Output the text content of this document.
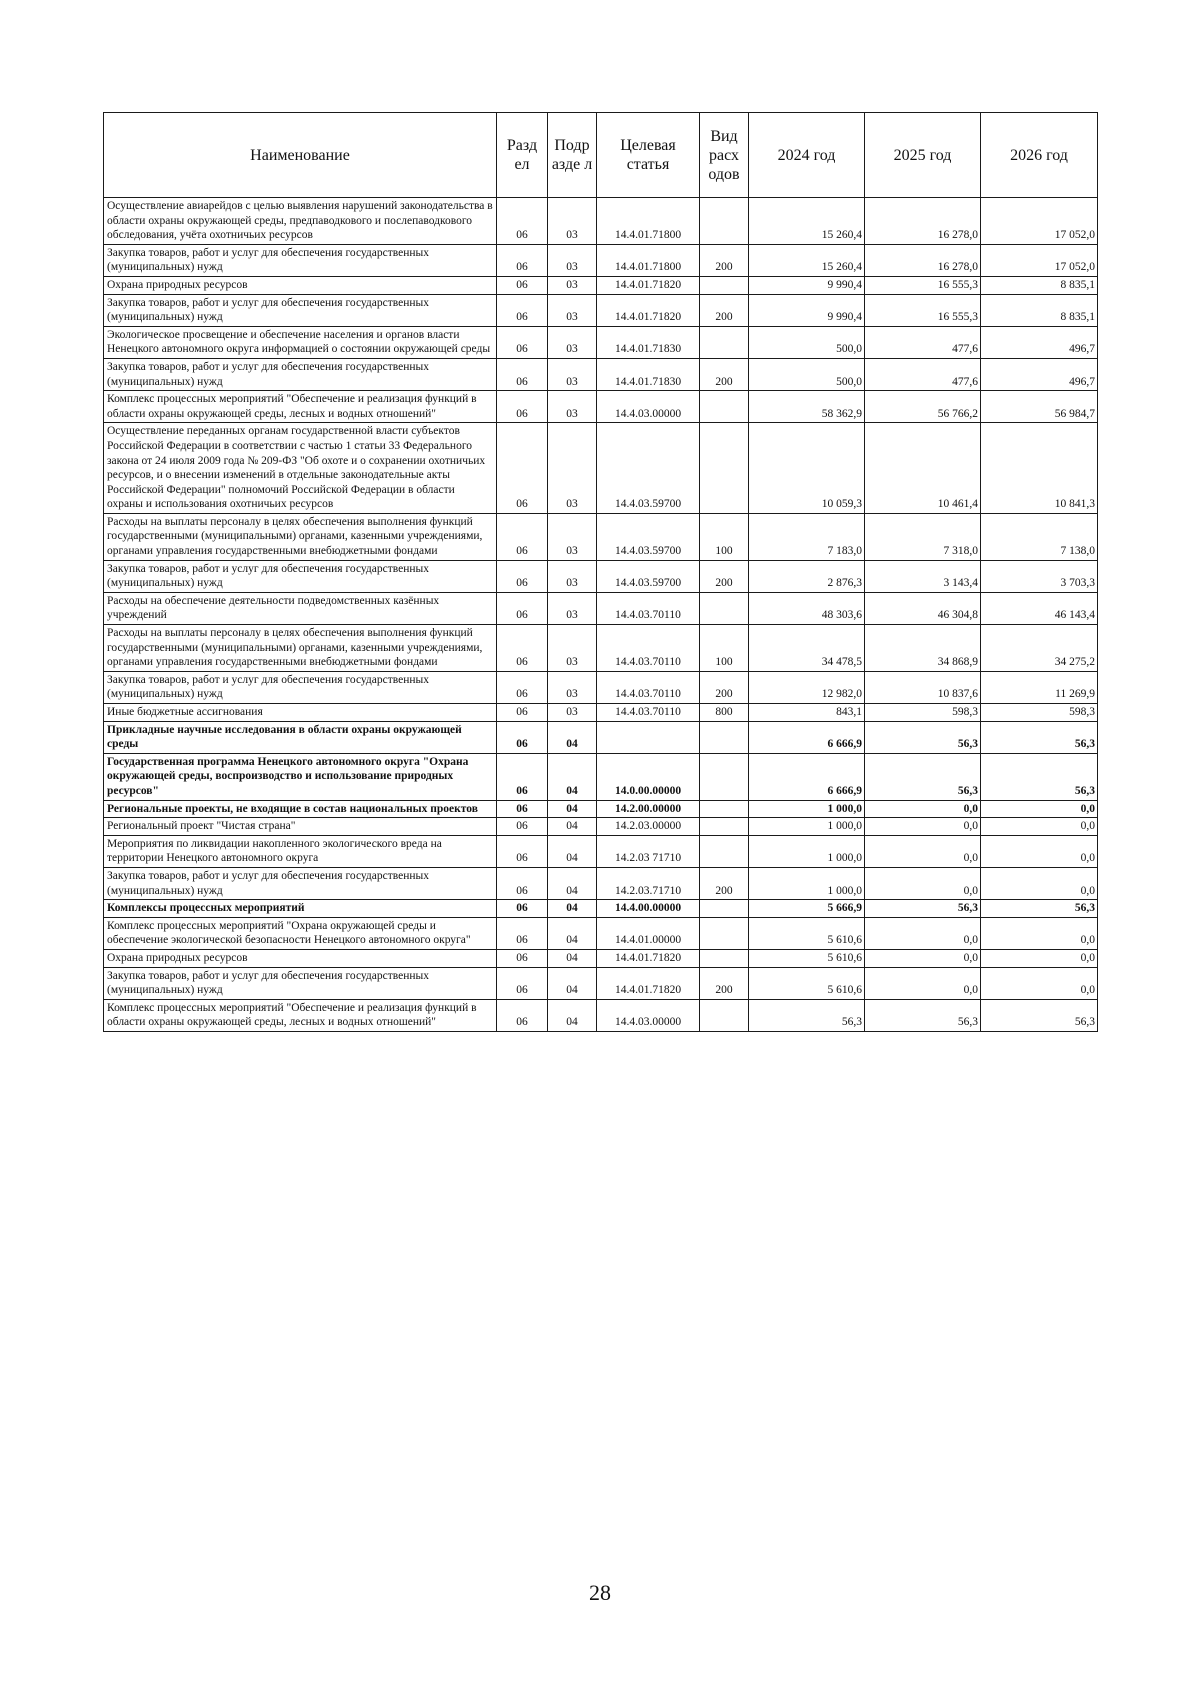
Наименование	Разд ел	Подр азде л	Целевая статья	Вид расх одов	2024 год	2025 год	2026 год
Осуществление авиарейдов с целью выявления нарушений законодательства в области охраны окружающей среды, предпаводкового и послепаводкового обследования, учёта охотничьих ресурсов	06	03	14.4.01.71800		15 260,4	16 278,0	17 052,0
Закупка товаров, работ и услуг для обеспечения государственных (муниципальных) нужд	06	03	14.4.01.71800	200	15 260,4	16 278,0	17 052,0
Охрана природных ресурсов	06	03	14.4.01.71820		9 990,4	16 555,3	8 835,1
Закупка товаров, работ и услуг для обеспечения государственных (муниципальных) нужд	06	03	14.4.01.71820	200	9 990,4	16 555,3	8 835,1
Экологическое просвещение и обеспечение населения и органов власти Ненецкого автономного округа информацией о состоянии окружающей среды	06	03	14.4.01.71830		500,0	477,6	496,7
Закупка товаров, работ и услуг для обеспечения государственных (муниципальных) нужд	06	03	14.4.01.71830	200	500,0	477,6	496,7
Комплекс процессных мероприятий "Обеспечение и реализация функций в области охраны окружающей среды, лесных и водных отношений"	06	03	14.4.03.00000		58 362,9	56 766,2	56 984,7
Осуществление переданных органам государственной власти субъектов Российской Федерации в соответствии с частью 1 статьи 33 Федерального закона от 24 июля 2009 года № 209-ФЗ "Об охоте и о сохранении охотничьих ресурсов, и о внесении изменений в отдельные законодательные акты Российской Федерации" полномочий Российской Федерации в области охраны и использования охотничьих ресурсов	06	03	14.4.03.59700		10 059,3	10 461,4	10 841,3
Расходы на выплаты персоналу в целях обеспечения выполнения функций государственными (муниципальными) органами, казенными учреждениями, органами управления государственными внебюджетными фондами	06	03	14.4.03.59700	100	7 183,0	7 318,0	7 138,0
Закупка товаров, работ и услуг для обеспечения государственных (муниципальных) нужд	06	03	14.4.03.59700	200	2 876,3	3 143,4	3 703,3
Расходы на обеспечение деятельности подведомственных казённых учреждений	06	03	14.4.03.70110		48 303,6	46 304,8	46 143,4
Расходы на выплаты персоналу в целях обеспечения выполнения функций государственными (муниципальными) органами, казенными учреждениями, органами управления государственными внебюджетными фондами	06	03	14.4.03.70110	100	34 478,5	34 868,9	34 275,2
Закупка товаров, работ и услуг для обеспечения государственных (муниципальных) нужд	06	03	14.4.03.70110	200	12 982,0	10 837,6	11 269,9
Иные бюджетные ассигнования	06	03	14.4.03.70110	800	843,1	598,3	598,3
Прикладные научные исследования в области охраны окружающей среды	06	04			6 666,9	56,3	56,3
Государственная программа Ненецкого автономного округа "Охрана окружающей среды, воспроизводство и использование природных ресурсов"	06	04	14.0.00.00000		6 666,9	56,3	56,3
Региональные проекты, не входящие в состав национальных проектов	06	04	14.2.00.00000		1 000,0	0,0	0,0
Региональный проект "Чистая страна"	06	04	14.2.03.00000		1 000,0	0,0	0,0
Мероприятия по ликвидации накопленного экологического вреда на территории Ненецкого автономного округа	06	04	14.2.03 71710		1 000,0	0,0	0,0
Закупка товаров, работ и услуг для обеспечения государственных (муниципальных) нужд	06	04	14.2.03.71710	200	1 000,0	0,0	0,0
Комплексы процессных мероприятий	06	04	14.4.00.00000		5 666,9	56,3	56,3
Комплекс процессных мероприятий "Охрана окружающей среды и обеспечение экологической безопасности Ненецкого автономного округа"	06	04	14.4.01.00000		5 610,6	0,0	0,0
Охрана природных ресурсов	06	04	14.4.01.71820		5 610,6	0,0	0,0
Закупка товаров, работ и услуг для обеспечения государственных (муниципальных) нужд	06	04	14.4.01.71820	200	5 610,6	0,0	0,0
Комплекс процессных мероприятий "Обеспечение и реализация функций в области охраны окружающей среды, лесных и водных отношений"	06	04	14.4.03.00000		56,3	56,3	56,3
28
